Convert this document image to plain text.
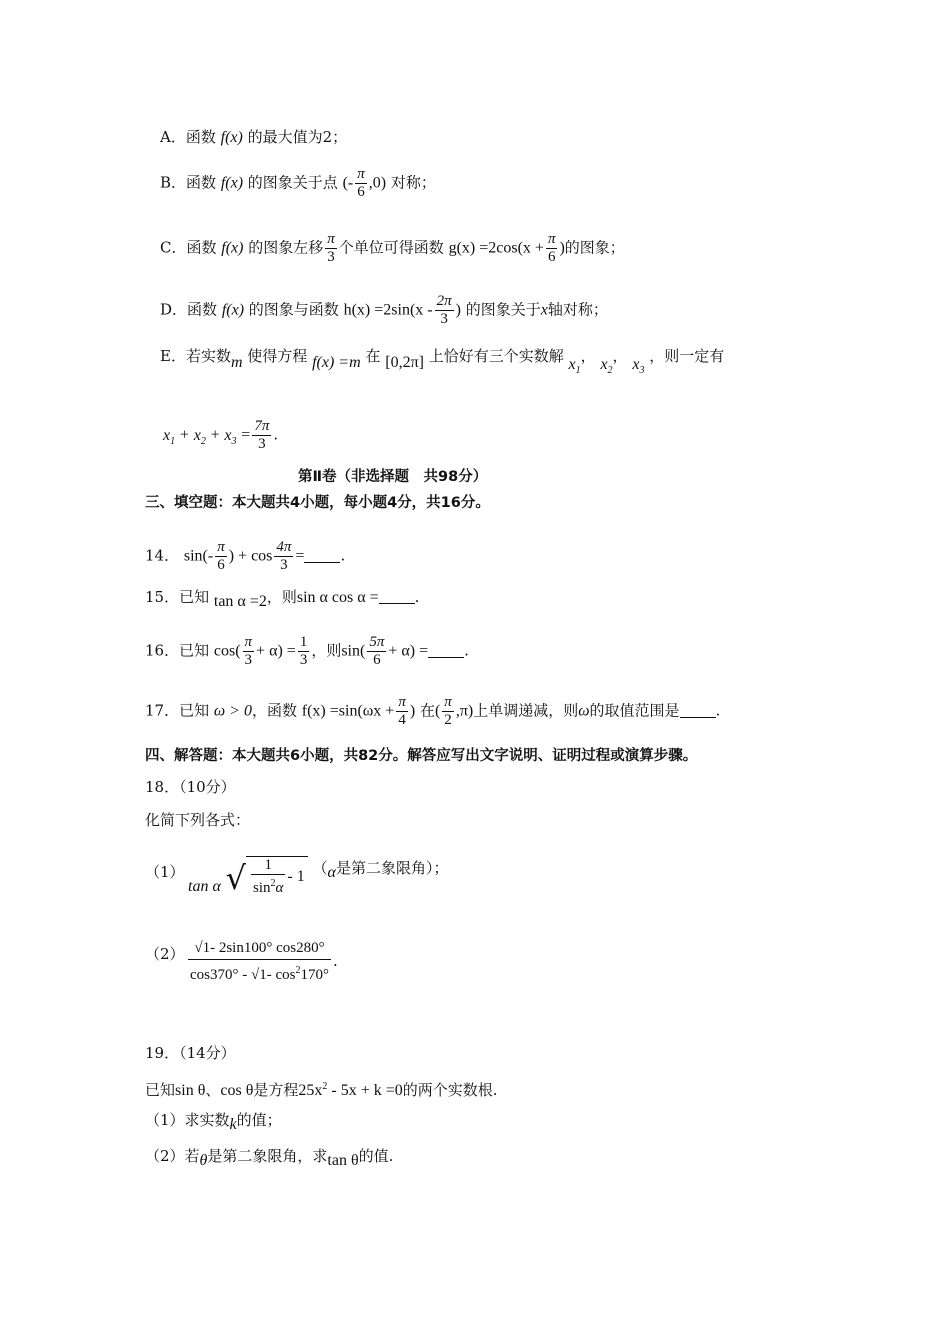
A．函数 f(x) 的最大值为2；
B．函数 f(x) 的图象关于点 (- $\frac{\pi}{6} ,0$) 对称；
C．函数 f(x) 的图象左移 $\frac{\pi}{3}$ 个单位可得函数 $g(x) =2\cos(x + \frac{\pi}{6}$ )的图象；
D．函数 f(x) 的图象与函数 $h(x) =2\sin(x - \frac{2\pi}{3}$ ) 的图象关于x轴对称；
E．若实数m 使得方程 f(x) =m 在 [0,2π] 上恰好有三个实数解 $x_1$， $x_2$， $x_3$ ，则一定有
$x_1 + x_2 + x_3 = \frac{7\pi}{3}$ .
第Ⅱ卷（非选择题　共98分）
三、填空题：本大题共4小题，每小题4分，共16分。
14． $\sin(- \frac{\pi}{6}$ ) + $\cos \frac{4\pi}{3}$ = .
15．已知 tan α =2，则sin α cos α = .
16．已知 $\cos( \frac{\pi}{3} + \alpha) = \frac{1}{3}$ ，则$\sin( \frac{5\pi}{6} + \alpha)$ = .
17．已知 ω > 0，函数 $f(x) =\sin(\omega x + \frac{\pi}{4}$ ) 在( $\frac{\pi}{2} ,\pi$)上单调递减，则ω的取值范围是 .
四、解答题：本大题共6小题，共82分。解答应写出文字说明、证明过程或演算步骤。
18．（10分）
化简下列各式：
（1）
tan α √ $\frac{1}{\sin^2\alpha} - 1$ （α是第二象限角）；
$(2) \frac{√1- 2\sin 100^\circ \cos 280^\circ}{\cos 370^\circ - √1- \cos^2170^\circ}$ .
19．（14分）
已知sin θ、cos θ是方程$25x^2 - 5x + k =0$的两个实数根.
（1）求实数k的值；
（2）若θ是第二象限角，求tan θ的值.
